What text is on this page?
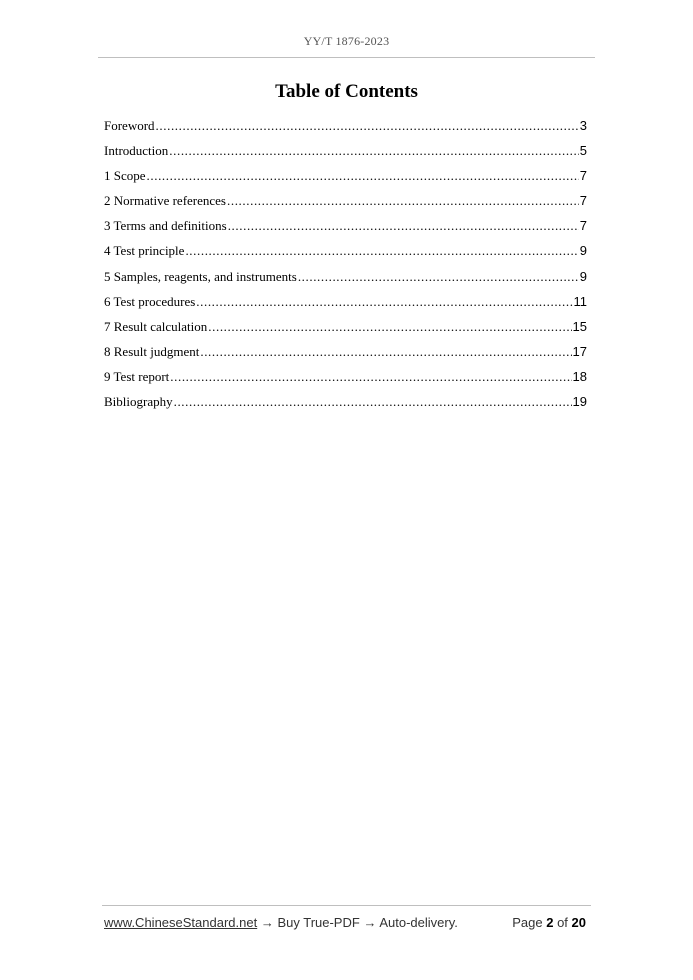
YY/T 1876-2023
Table of Contents
Foreword .....	3
Introduction .....	5
1 Scope .....	7
2 Normative references .....	7
3 Terms and definitions .....	7
4 Test principle .....	9
5 Samples, reagents, and instruments .....	9
6 Test procedures .....	11
7 Result calculation .....	15
8 Result judgment .....	17
9 Test report .....	18
Bibliography .....	19
www.ChineseStandard.net → Buy True-PDF → Auto-delivery.	Page 2 of 20
